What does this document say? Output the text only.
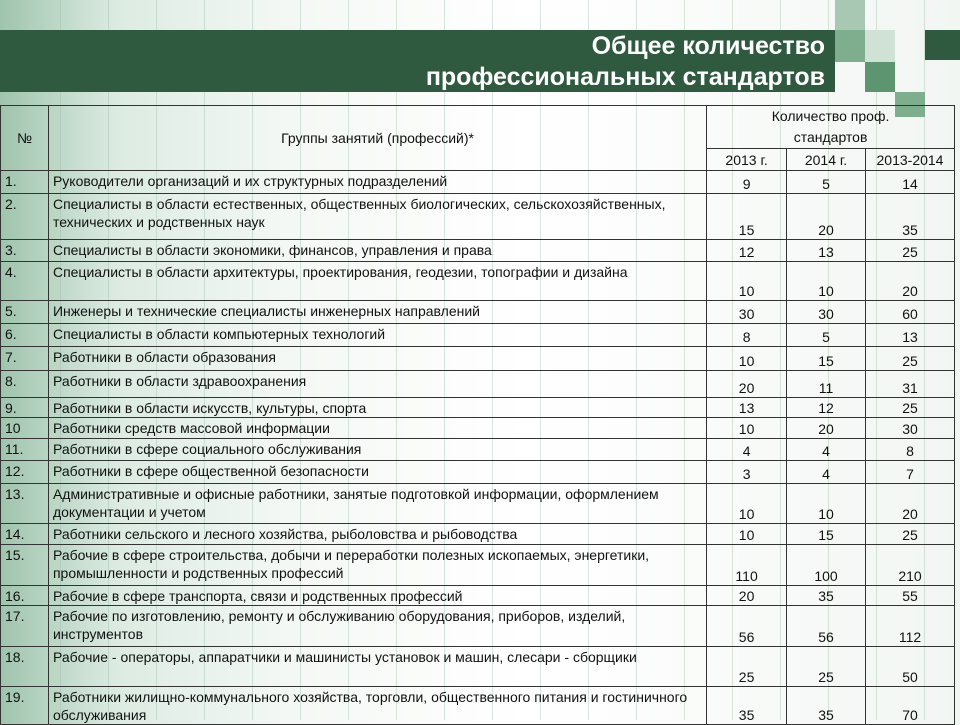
Общее количество
профессиональных стандартов
№	Группы занятий (профессий)*	Количество проф. стандартов		
		2013 г.	2014 г.	2013-2014
1.	Руководители организаций и их структурных подразделений	9	5	14
2.	Специалисты в области естественных, общественных биологических, сельскохозяйственных, технических и родственных наук	15	20	35
3.	Специалисты в области экономики, финансов, управления и права	12	13	25
4.	Специалисты в области архитектуры, проектирования, геодезии, топографии и дизайна	10	10	20
5.	Инженеры и технические специалисты инженерных направлений	30	30	60
6.	Специалисты в области компьютерных технологий	8	5	13
7.	Работники в области образования	10	15	25
8.	Работники в области здравоохранения	20	11	31
9.	Работники в области искусств, культуры, спорта	13	12	25
10	Работники средств массовой информации	10	20	30
11.	Работники в сфере социального обслуживания	4	4	8
12.	Работники в сфере общественной безопасности	3	4	7
13.	Административные и офисные работники, занятые подготовкой информации, оформлением документации и учетом	10	10	20
14.	Работники сельского и лесного хозяйства, рыболовства и рыбоводства	10	15	25
15.	Рабочие в сфере строительства, добычи и переработки полезных ископаемых, энергетики, промышленности и родственных профессий	110	100	210
16.	Рабочие в сфере транспорта, связи и родственных профессий	20	35	55
17.	Рабочие по изготовлению, ремонту и обслуживанию оборудования, приборов, изделий, инструментов	56	56	112
18.	Рабочие - операторы, аппаратчики и машинисты установок и машин, слесари - сборщики	25	25	50
19.	Работники жилищно-коммунального хозяйства, торговли, общественного питания и гостиничного обслуживания	35	35	70
